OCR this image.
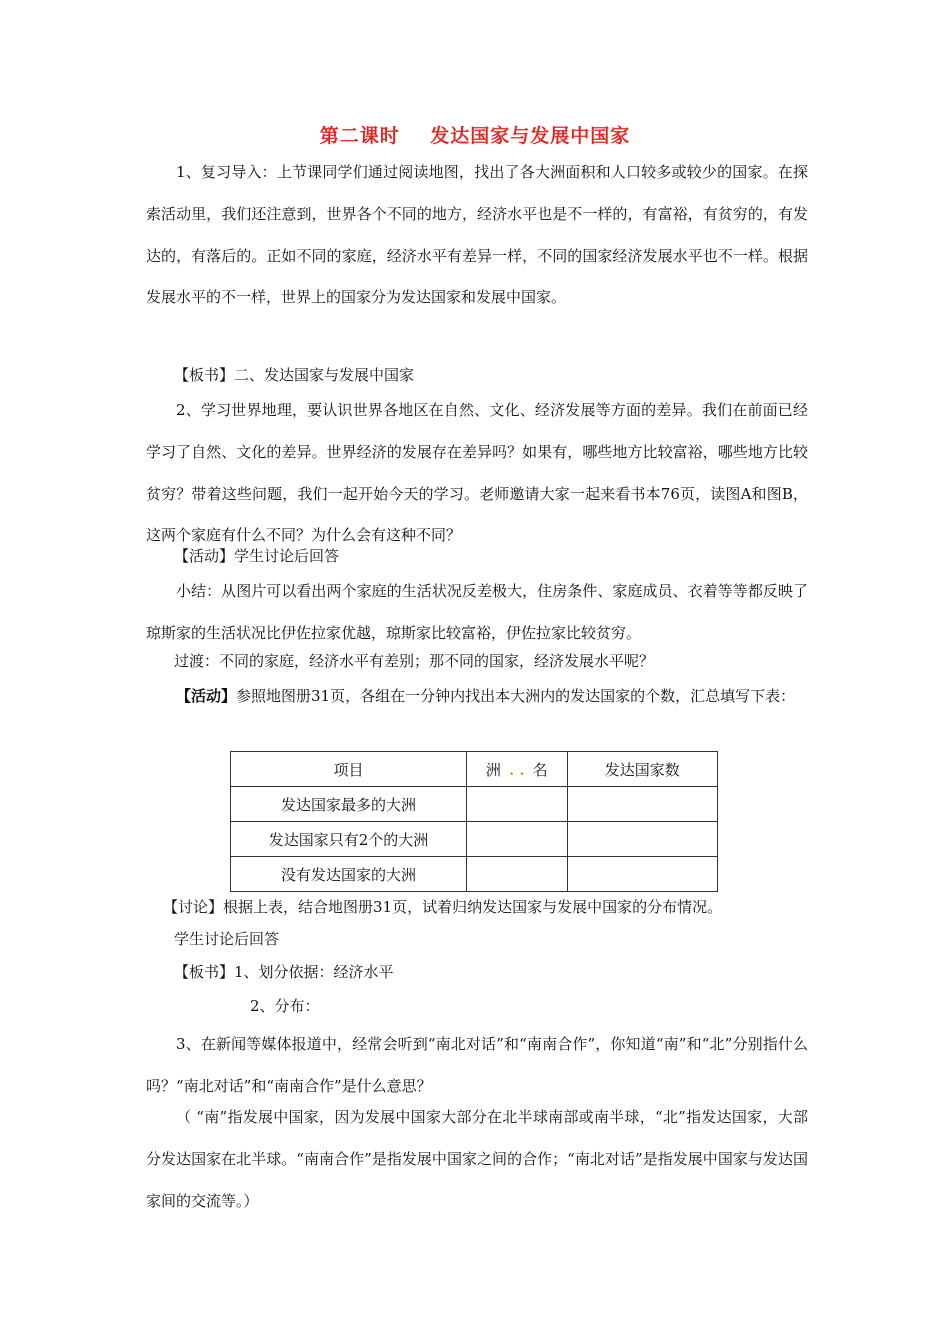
第二课时    发达国家与发展中国家
1、复习导入：上节课同学们通过阅读地图，找出了各大洲面积和人口较多或较少的国家。在探索活动里，我们还注意到，世界各个不同的地方，经济水平也是不一样的，有富裕，有贫穷的，有发达的，有落后的。正如不同的家庭，经济水平有差异一样，不同的国家经济发展水平也不一样。根据发展水平的不一样，世界上的国家分为发达国家和发展中国家。
【板书】二、发达国家与发展中国家
2、学习世界地理，要认识世界各地区在自然、文化、经济发展等方面的差异。我们在前面已经学习了自然、文化的差异。世界经济的发展存在差异吗？如果有，哪些地方比较富裕，哪些地方比较贫穷？带着这些问题，我们一起开始今天的学习。老师邀请大家一起来看书本76页，读图A和图B，这两个家庭有什么不同？为什么会有这种不同？
【活动】学生讨论后回答
小结：从图片可以看出两个家庭的生活状况反差极大，住房条件、家庭成员、衣着等等都反映了琼斯家的生活状况比伊佐拉家优越，琼斯家比较富裕，伊佐拉家比较贫穷。
过渡：不同的家庭，经济水平有差别；那不同的国家，经济发展水平呢？
【活动】参照地图册31页，各组在一分钟内找出本大洲内的发达国家的个数，汇总填写下表：
项目	洲 . . 名	发达国家数
发达国家最多的大洲		
发达国家只有2个的大洲		
没有发达国家的大洲		
【讨论】根据上表，结合地图册31页，试着归纳发达国家与发展中国家的分布情况。
学生讨论后回答
【板书】1、划分依据：经济水平
2、分布：
3、在新闻等媒体报道中，经常会听到“南北对话”和“南南合作”，你知道“南”和“北”分别指什么吗？“南北对话”和“南南合作”是什么意思？
（ “南”指发展中国家，因为发展中国家大部分在北半球南部或南半球，“北”指发达国家，大部分发达国家在北半球。“南南合作”是指发展中国家之间的合作；“南北对话”是指发展中国家与发达国家间的交流等。）
